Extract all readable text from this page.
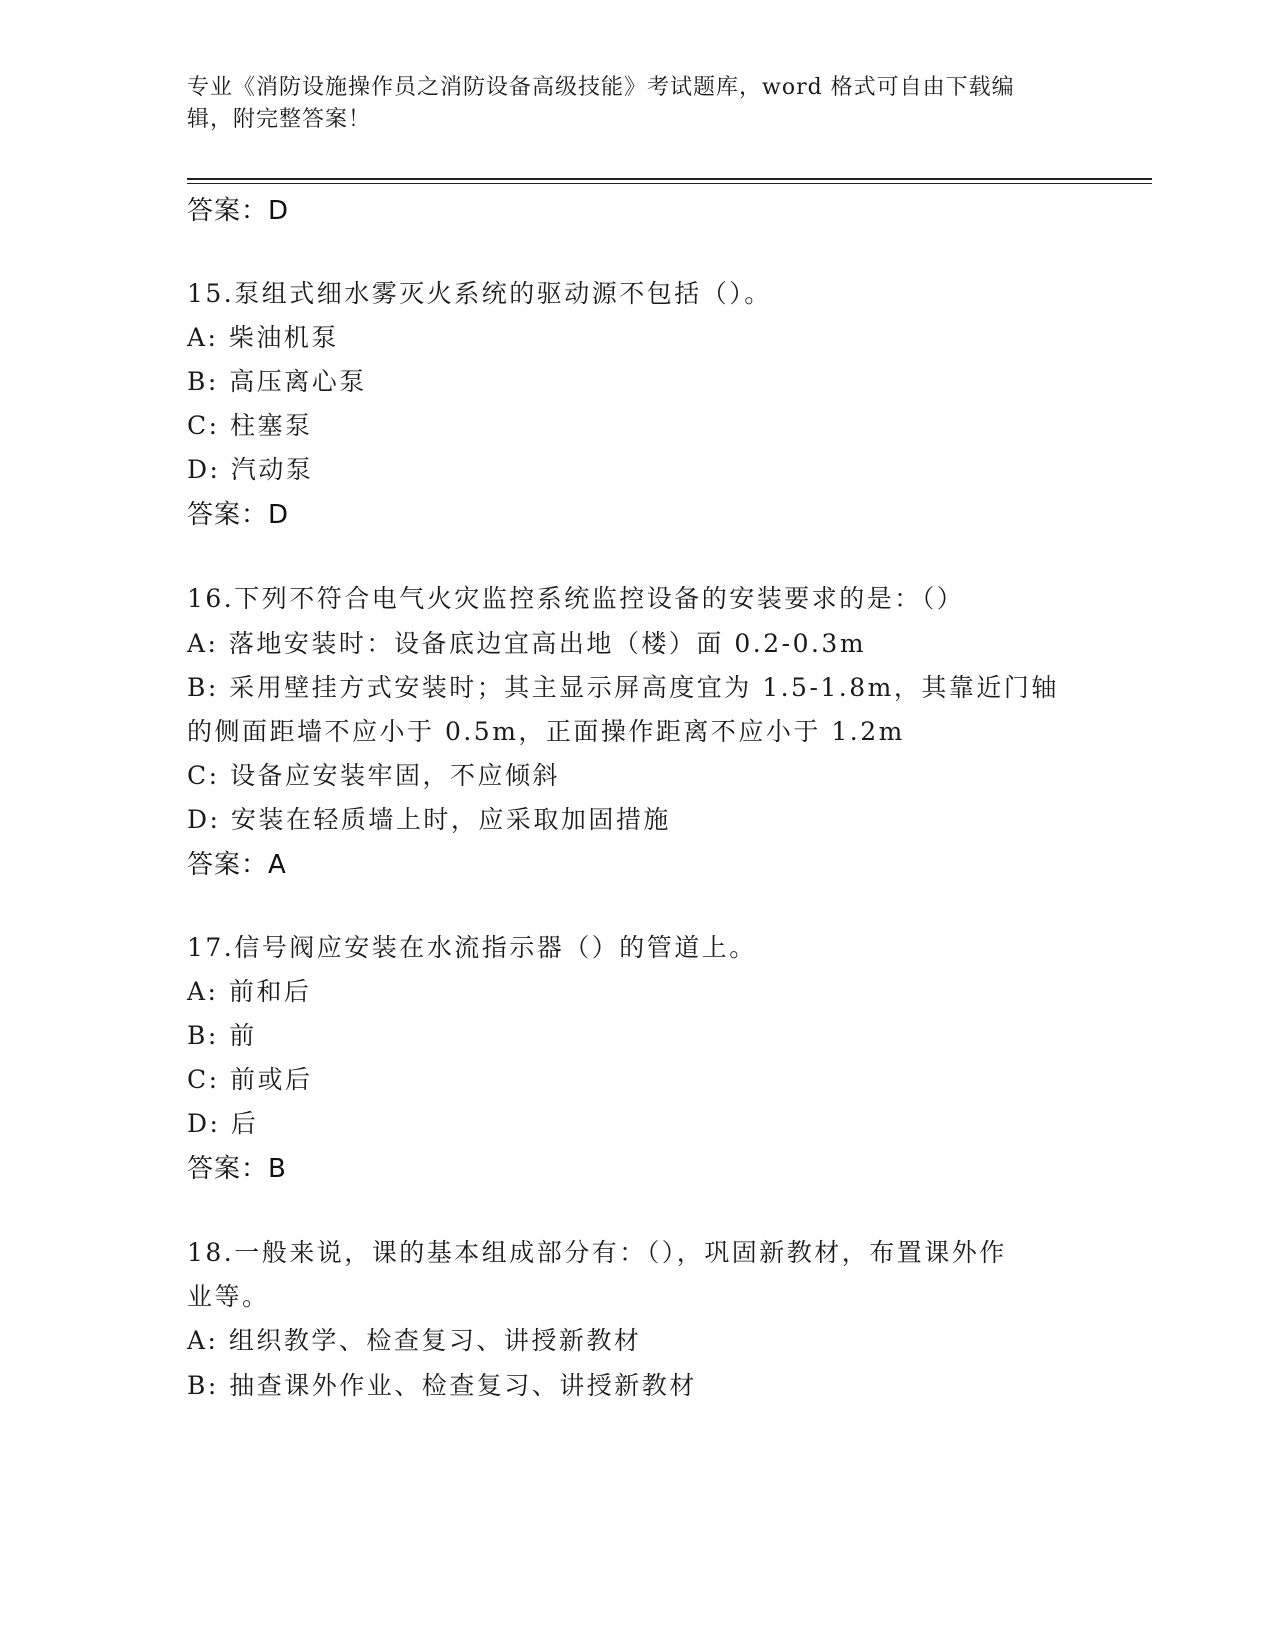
专业《消防设施操作员之消防设备高级技能》考试题库，word 格式可自由下载编
辑，附完整答案！
答案：D
15.泵组式细水雾灭火系统的驱动源不包括（）。
A: 柴油机泵
B: 高压离心泵
C: 柱塞泵
D: 汽动泵
答案：D
16.下列不符合电气火灾监控系统监控设备的安装要求的是：（）
A: 落地安装时：设备底边宜高出地（楼）面 0.2-0.3m
B: 采用壁挂方式安装时；其主显示屏高度宜为 1.5-1.8m，其靠近门轴
的侧面距墙不应小于 0.5m，正面操作距离不应小于 1.2m
C: 设备应安装牢固，不应倾斜
D: 安装在轻质墙上时，应采取加固措施
答案：A
17.信号阀应安装在水流指示器（）的管道上。
A: 前和后
B: 前
C: 前或后
D: 后
答案：B
18.一般来说，课的基本组成部分有：（），巩固新教材，布置课外作
业等。
A: 组织教学、检查复习、讲授新教材
B: 抽查课外作业、检查复习、讲授新教材
